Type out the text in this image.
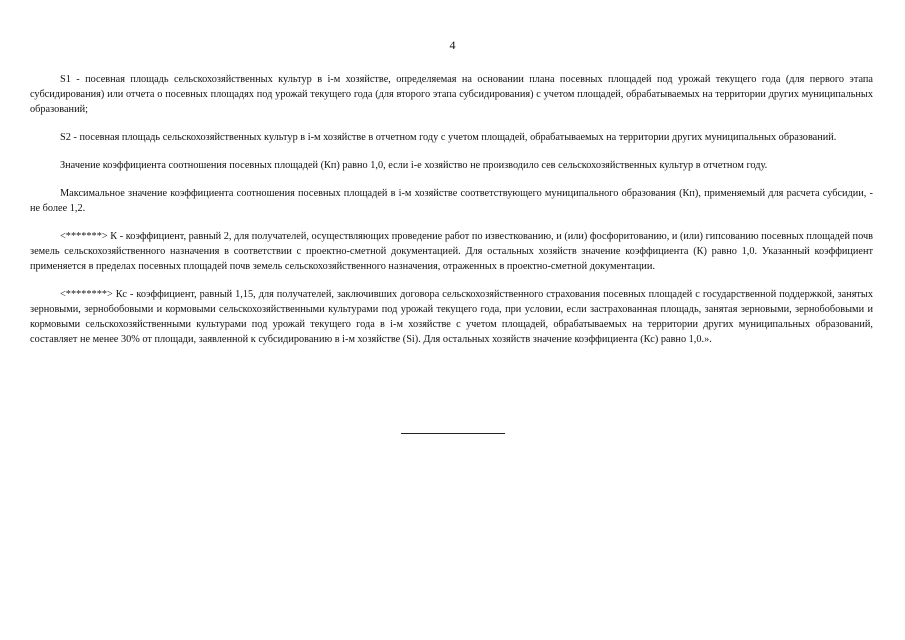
4

S1 - посевная площадь сельскохозяйственных культур в i-м хозяйстве, определяемая на основании плана посевных площадей под урожай текущего года (для первого этапа субсидирования) или отчета о посевных площадях под урожай текущего года (для второго этапа субсидирования) с учетом площадей, обрабатываемых на территории других муниципальных образований;

S2 - посевная площадь сельскохозяйственных культур в i-м хозяйстве в отчетном году с учетом площадей, обрабатываемых на территории других муниципальных образований.

Значение коэффициента соотношения посевных площадей (Кп) равно 1,0, если i-е хозяйство не производило сев сельскохозяйственных культур в отчетном году.

Максимальное значение коэффициента соотношения посевных площадей в i-м хозяйстве соответствующего муниципального образования (Кп), применяемый для расчета субсидии, - не более 1,2.

<*******> К - коэффициент, равный 2, для получателей, осуществляющих проведение работ по известкованию, и (или) фосфоритованию, и (или) гипсованию посевных площадей почв земель сельскохозяйственного назначения в соответствии с проектно-сметной документацией. Для остальных хозяйств значение коэффициента (К) равно 1,0. Указанный коэффициент применяется в пределах посевных площадей почв земель сельскохозяйственного назначения, отраженных в проектно-сметной документации.

<********> Кс - коэффициент, равный 1,15, для получателей, заключивших договора сельскохозяйственного страхования посевных площадей с государственной поддержкой, занятых зерновыми, зернобобовыми и кормовыми сельскохозяйственными культурами под урожай текущего года, при условии, если застрахованная площадь, занятая зерновыми, зернобобовыми и кормовыми сельскохозяйственными культурами под урожай текущего года в i-м хозяйстве с учетом площадей, обрабатываемых на территории других муниципальных образований, составляет не менее 30% от площади, заявленной к субсидированию в i-м хозяйстве (Si). Для остальных хозяйств значение коэффициента (Кс) равно 1,0.».
